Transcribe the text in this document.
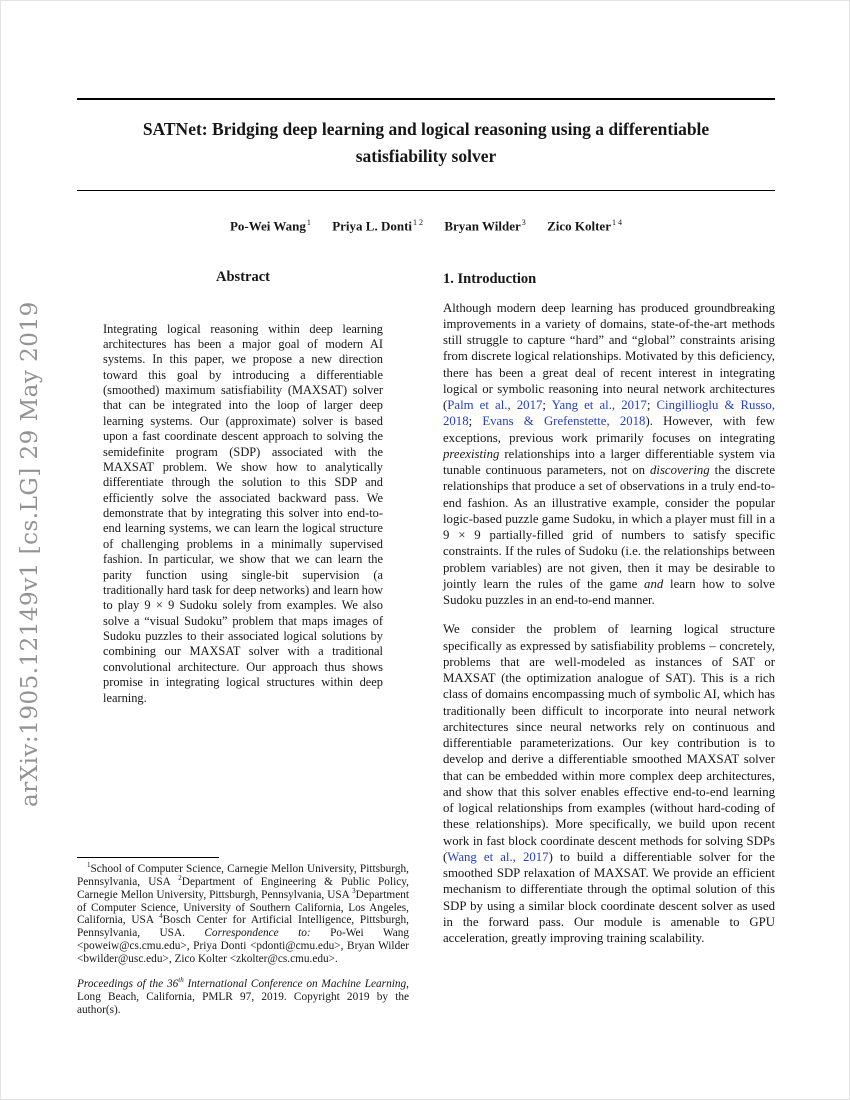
arXiv:1905.12149v1 [cs.LG] 29 May 2019
SATNet: Bridging deep learning and logical reasoning using a differentiable satisfiability solver
Po-Wei Wang$^1$ Priya L. Donti$^{1 2}$ Bryan Wilder$^3$ Zico Kolter$^{1 4}$
Abstract

Integrating logical reasoning within deep learning architectures has been a major goal of modern AI systems. In this paper, we propose a new direction toward this goal by introducing a differentiable (smoothed) maximum satisfiability (MAXSAT) solver that can be integrated into the loop of larger deep learning systems. Our (approximate) solver is based upon a fast coordinate descent approach to solving the semidefinite program (SDP) associated with the MAXSAT problem. We show how to analytically differentiate through the solution to this SDP and efficiently solve the associated backward pass. We demonstrate that by integrating this solver into end-to-end learning systems, we can learn the logical structure of challenging problems in a minimally supervised fashion. In particular, we show that we can learn the parity function using single-bit supervision (a traditionally hard task for deep networks) and learn how to play 9 × 9 Sudoku solely from examples. We also solve a “visual Sudoku” problem that maps images of Sudoku puzzles to their associated logical solutions by combining our MAXSAT solver with a traditional convolutional architecture. Our approach thus shows promise in integrating logical structures within deep learning.

$^1$School of Computer Science, Carnegie Mellon University, Pittsburgh, Pennsylvania, USA $^2$Department of Engineering & Public Policy, Carnegie Mellon University, Pittsburgh, Pennsylvania, USA $^3$Department of Computer Science, University of Southern California, Los Angeles, California, USA $^4$Bosch Center for Artificial Intelligence, Pittsburgh, Pennsylvania, USA. Correspondence to: Po-Wei Wang <poweiw@cs.cmu.edu>, Priya Donti <pdonti@cmu.edu>, Bryan Wilder <bwilder@usc.edu>, Zico Kolter <zkolter@cs.cmu.edu>.

Proceedings of the 36th International Conference on Machine Learning, Long Beach, California, PMLR 97, 2019. Copyright 2019 by the author(s).

1. Introduction

Although modern deep learning has produced groundbreaking improvements in a variety of domains, state-of-the-art methods still struggle to capture “hard” and “global” constraints arising from discrete logical relationships. Motivated by this deficiency, there has been a great deal of recent interest in integrating logical or symbolic reasoning into neural network architectures (Palm et al., 2017; Yang et al., 2017; Cingillioglu & Russo, 2018; Evans & Grefenstette, 2018). However, with few exceptions, previous work primarily focuses on integrating preexisting relationships into a larger differentiable system via tunable continuous parameters, not on discovering the discrete relationships that produce a set of observations in a truly end-to-end fashion. As an illustrative example, consider the popular logic-based puzzle game Sudoku, in which a player must fill in a 9 × 9 partially-filled grid of numbers to satisfy specific constraints. If the rules of Sudoku (i.e. the relationships between problem variables) are not given, then it may be desirable to jointly learn the rules of the game and learn how to solve Sudoku puzzles in an end-to-end manner.

We consider the problem of learning logical structure specifically as expressed by satisfiability problems – concretely, problems that are well-modeled as instances of SAT or MAXSAT (the optimization analogue of SAT). This is a rich class of domains encompassing much of symbolic AI, which has traditionally been difficult to incorporate into neural network architectures since neural networks rely on continuous and differentiable parameterizations. Our key contribution is to develop and derive a differentiable smoothed MAXSAT solver that can be embedded within more complex deep architectures, and show that this solver enables effective end-to-end learning of logical relationships from examples (without hard-coding of these relationships). More specifically, we build upon recent work in fast block coordinate descent methods for solving SDPs (Wang et al., 2017) to build a differentiable solver for the smoothed SDP relaxation of MAXSAT. We provide an efficient mechanism to differentiate through the optimal solution of this SDP by using a similar block coordinate descent solver as used in the forward pass. Our module is amenable to GPU acceleration, greatly improving training scalability.
